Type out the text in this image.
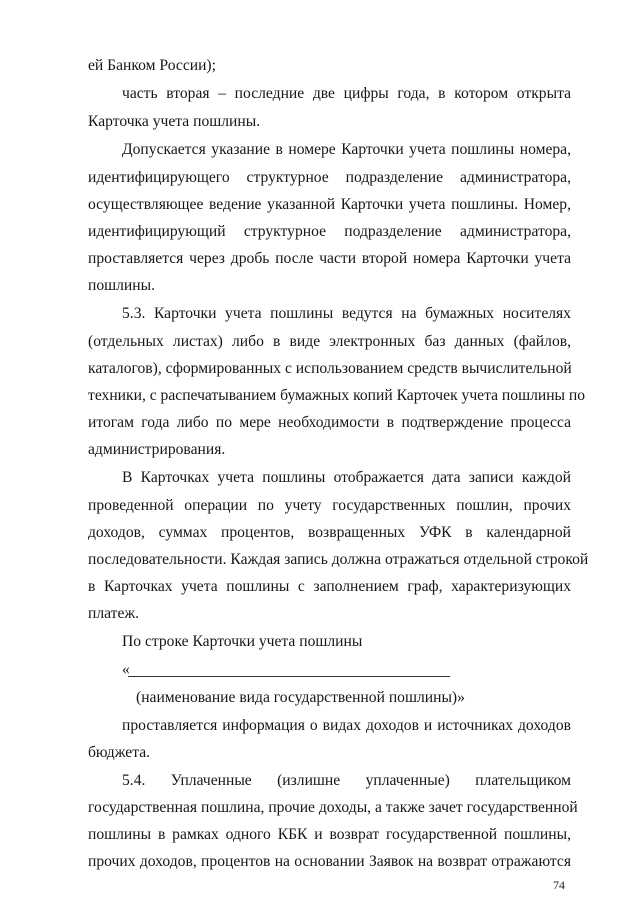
ей Банком России);
часть вторая – последние две цифры года, в котором открыта
Карточка учета пошлины.
Допускается указание в номере Карточки учета пошлины номера,
идентифицирующего структурное подразделение администратора,
осуществляющее ведение указанной Карточки учета пошлины. Номер,
идентифицирующий структурное подразделение администратора,
проставляется через дробь после части второй номера Карточки учета
пошлины.
5.3. Карточки учета пошлины ведутся на бумажных носителях
(отдельных листах) либо в виде электронных баз данных (файлов,
каталогов), сформированных с использованием средств вычислительной
техники, с распечатыванием бумажных копий Карточек учета пошлины по
итогам года либо по мере необходимости в подтверждение процесса
администрирования.
В Карточках учета пошлины отображается дата записи каждой
проведенной операции по учету государственных пошлин, прочих
доходов, суммах процентов, возвращенных УФК в календарной
последовательности. Каждая запись должна отражаться отдельной строкой
в Карточках учета пошлины с заполнением граф, характеризующих
платеж.
По строке Карточки учета пошлины
«
(наименование вида государственной пошлины)»
проставляется информация о видах доходов и источниках доходов
бюджета.
5.4. Уплаченные (излишне уплаченные) плательщиком
государственная пошлина, прочие доходы, а также зачет государственной
пошлины в рамках одного КБК и возврат государственной пошлины,
прочих доходов, процентов на основании Заявок на возврат отражаются
74
